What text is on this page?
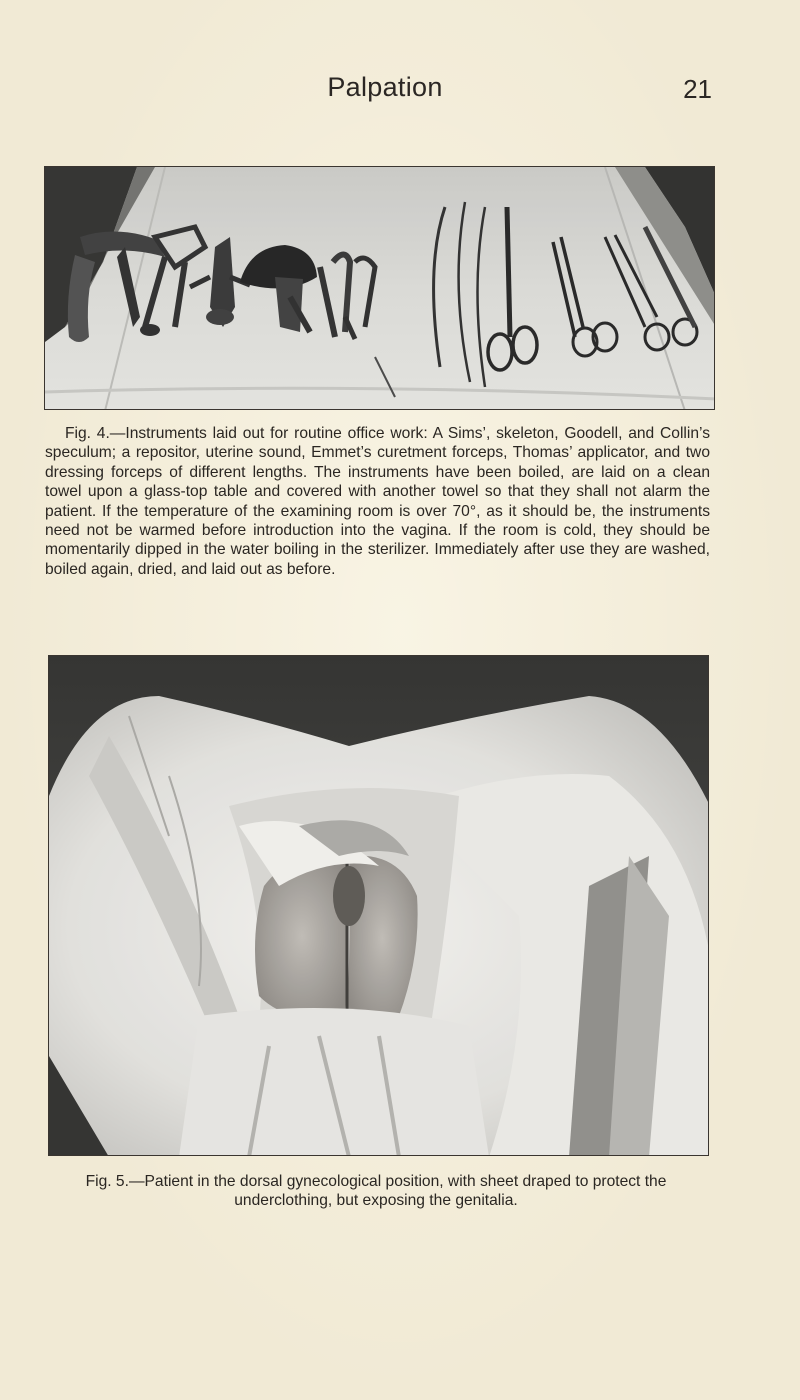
Palpation	21

Fig. 4.—Instruments laid out for routine office work: A Sims’, skeleton, Goodell, and Collin’s speculum; a repositor, uterine sound, Emmet’s curetment forceps, Thomas’ applicator, and two dressing forceps of different lengths. The instruments have been boiled, are laid on a clean towel upon a glass-top table and covered with another towel so that they shall not alarm the patient. If the temperature of the examining room is over 70°, as it should be, the instruments need not be warmed before introduction into the vagina. If the room is cold, they should be momentarily dipped in the water boiling in the sterilizer. Immediately after use they are washed, boiled again, dried, and laid out as before.

Fig. 5.—Patient in the dorsal gynecological position, with sheet draped to protect the underclothing, but exposing the genitalia.
